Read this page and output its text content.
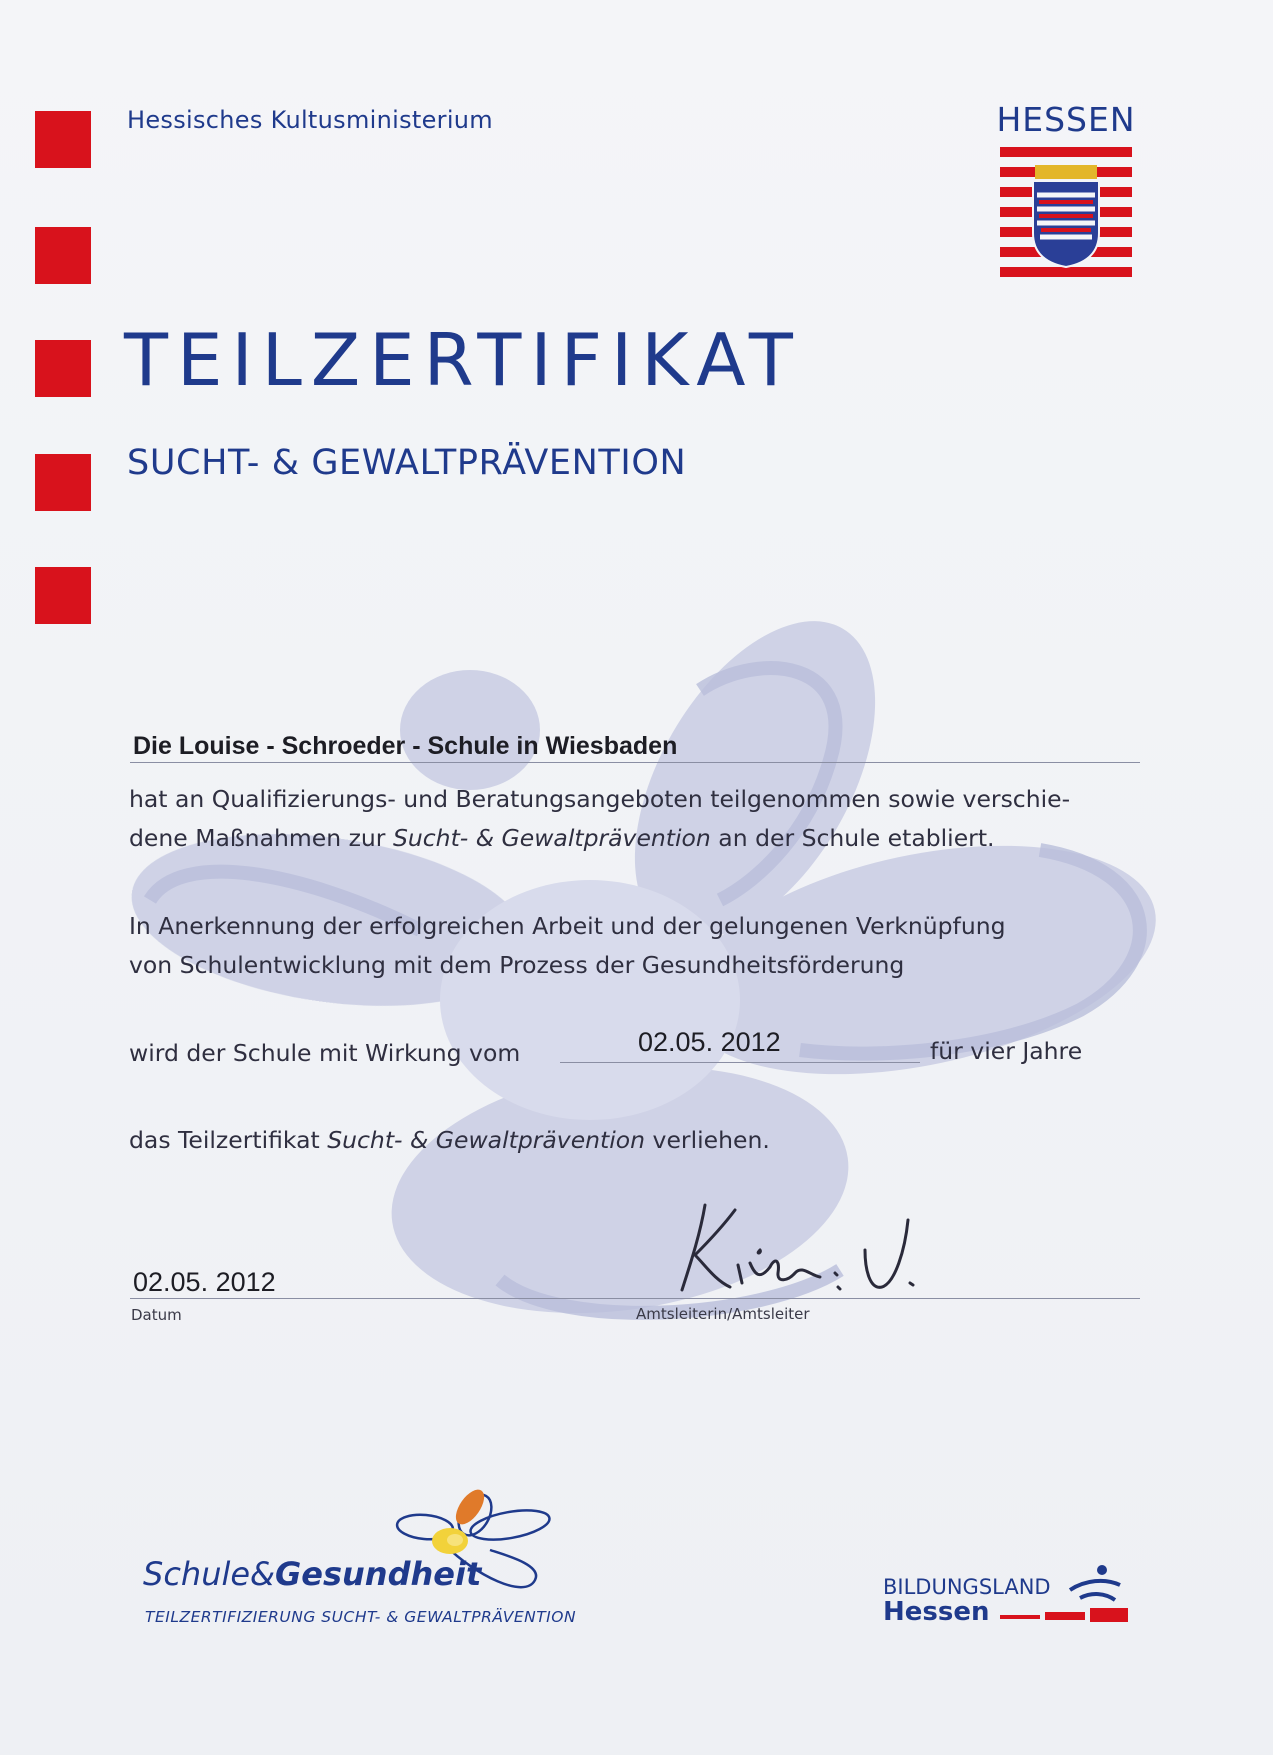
Hessisches Kultusministerium	HESSEN
TEILZERTIFIKAT
SUCHT- & GEWALTPRÄVENTION
Die Louise - Schroeder - Schule in Wiesbaden
hat an Qualifizierungs- und Beratungsangeboten teilgenommen sowie verschie-
dene Maßnahmen zur Sucht- & Gewaltprävention an der Schule etabliert.
In Anerkennung der erfolgreichen Arbeit und der gelungenen Verknüpfung
von Schulentwicklung mit dem Prozess der Gesundheitsförderung
wird der Schule mit Wirkung vom	02.05. 2012	für vier Jahre
das Teilzertifikat Sucht- & Gewaltprävention verliehen.
02.05. 2012
Datum	Amtsleiterin/Amtsleiter
Schule&Gesundheit
TEILZERTIFIZIERUNG SUCHT- & GEWALTPRÄVENTION
BILDUNGSLAND
Hessen
